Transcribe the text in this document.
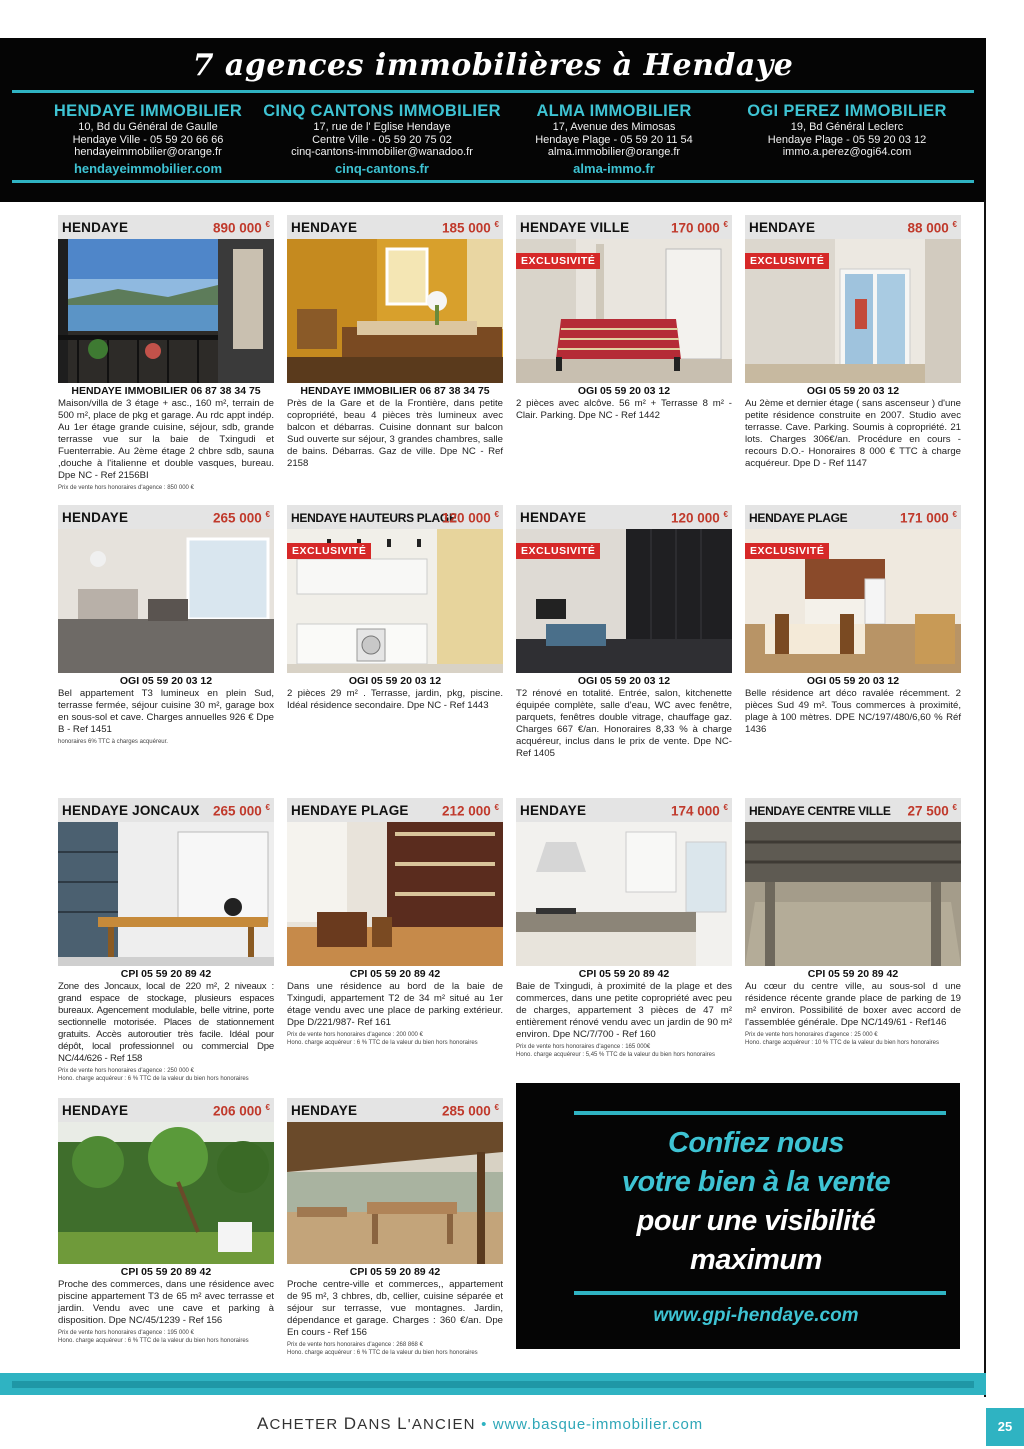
7 agences immobilières à Hendaye
HENDAYE IMMOBILIER
10, Bd du Général de Gaulle
Hendaye Ville - 05 59 20 66 66
hendayeimmobilier@orange.fr
hendayeimmobilier.com
CINQ CANTONS IMMOBILIER
17, rue de l' Eglise Hendaye
Centre Ville - 05 59 20 75 02
cinq-cantons-immobilier@wanadoo.fr
cinq-cantons.fr
ALMA IMMOBILIER
17, Avenue des Mimosas
Hendaye Plage - 05 59 20 11 54
alma.immobilier@orange.fr
alma-immo.fr
OGI PEREZ IMMOBILIER
19, Bd Général Leclerc
Hendaye Plage - 05 59 20 03 12
immo.a.perez@ogi64.com
HENDAYE	890 000 €
HENDAYE IMMOBILIER 06 87 38 34 75
Maison/villa de 3 étage + asc., 160 m², terrain de 500 m², place de pkg et garage. Au rdc appt indép. Au 1er étage grande cuisine, séjour, sdb, grande terrasse vue sur la baie de Txingudi et Fuenterrabie. Au 2ème étage 2 chbre sdb, sauna ,douche à l'italienne et double vasques, bureau. Dpe NC - Ref 2156BI
Prix de vente hors honoraires d'agence : 850 000 €
HENDAYE	185 000 €
HENDAYE IMMOBILIER 06 87 38 34 75
Près de la Gare et de la Frontière, dans petite copropriété, beau 4 pièces très lumineux avec balcon et débarras. Cuisine donnant sur balcon Sud ouverte sur séjour, 3 grandes chambres, salle de bains. Débarras. Gaz de ville. Dpe NC - Ref 2158
HENDAYE VILLE	170 000 €
EXCLUSIVITÉ
OGI 05 59 20 03 12
2 pièces avec alcôve. 56 m² + Terrasse 8 m² - Clair. Parking. Dpe NC - Ref 1442
HENDAYE	88 000 €
EXCLUSIVITÉ
OGI 05 59 20 03 12
Au 2ème et dernier étage ( sans ascenseur ) d'une petite résidence construite en 2007. Studio avec terrasse. Cave. Parking. Soumis à copropriété. 21 lots. Charges 306€/an. Procédure en cours - recours D.O.- Honoraires 8 000 € TTC à charge acquéreur. Dpe D - Ref 1147
HENDAYE	265 000 €
OGI 05 59 20 03 12
Bel appartement T3 lumineux en plein Sud, terrasse fermée, séjour cuisine 30 m², garage box en sous-sol et cave. Charges annuelles 926 € Dpe B - Ref 1451
honoraires 6% TTC à charges acquéreur.
HENDAYE HAUTEURS PLAGE
120 000 €
EXCLUSIVITÉ
OGI 05 59 20 03 12
2 pièces 29 m² . Terrasse, jardin, pkg, piscine. Idéal résidence secondaire. Dpe NC - Ref 1443
HENDAYE	120 000 €
EXCLUSIVITÉ
OGI 05 59 20 03 12
T2 rénové en totalité. Entrée, salon, kitchenette équipée complète, salle d'eau, WC avec fenêtre, parquets, fenêtres double vitrage, chauffage gaz. Charges 667 €/an. Honoraires 8,33 % à charge acquéreur, inclus dans le prix de vente. Dpe NC- Ref 1405
HENDAYE PLAGE	171 000 €
EXCLUSIVITÉ
OGI 05 59 20 03 12
Belle résidence art déco ravalée récemment. 2 pièces Sud 49 m². Tous commerces à proximité, plage à 100 mètres. DPE NC/197/480/6,60 % Réf 1436
HENDAYE JONCAUX 265 000 €
CPI 05 59 20 89 42
Zone des Joncaux, local de 220 m², 2 niveaux : grand espace de stockage, plusieurs espaces bureaux. Agencement modulable, belle vitrine, porte sectionnelle motorisée. Places de stationnement gratuits. Accès autoroutier très facile. Idéal pour dépôt, local professionnel ou commercial Dpe NC/44/626 - Ref 158
Prix de vente hors honoraires d'agence : 250 000 €
Hono. charge acquéreur : 6 % TTC de la valeur du bien hors honoraires
HENDAYE PLAGE 212 000 €
CPI 05 59 20 89 42
Dans une résidence au bord de la baie de Txingudi, appartement T2 de 34 m² situé au 1er étage vendu avec une place de parking extérieur. Dpe D/221/987- Ref 161
Prix de vente hors honoraires d'agence : 200 000 €
Hono. charge acquéreur : 6 % TTC de la valeur du bien hors honoraires
HENDAYE	174 000 €
CPI 05 59 20 89 42
Baie de Txingudi, à proximité de la plage et des commerces, dans une petite copropriété avec peu de charges, appartement 3 pièces de 47 m² entièrement rénové vendu avec un jardin de 90 m² environ. Dpe NC/7/700 - Ref 160
Prix de vente hors honoraires d'agence : 165 000€
Hono. charge acquéreur : 5,45 % TTC de la valeur du bien hors honoraires
HENDAYE CENTRE VILLE 27 500 €
CPI 05 59 20 89 42
Au cœur du centre ville, au sous-sol d une résidence récente grande place de parking de 19 m² environ. Possibilité de boxer avec accord de l'assemblée générale. Dpe NC/149/61 - Ref146
Prix de vente hors honoraires d'agence : 25 000 €
Hono. charge acquéreur : 10 % TTC de la valeur du bien hors honoraires
HENDAYE	206 000 €
CPI 05 59 20 89 42
Proche des commerces, dans une résidence avec piscine appartement T3 de 65 m² avec terrasse et jardin. Vendu avec une cave et parking à disposition. Dpe NC/45/1239 - Ref 156
Prix de vente hors honoraires d'agence : 195 000 €
Hono. charge acquéreur : 6 % TTC de la valeur du bien hors honoraires
HENDAYE	285 000 €
CPI 05 59 20 89 42
Proche centre-ville et commerces,, appartement de 95 m², 3 chbres, db, cellier, cuisine séparée et séjour sur terrasse, vue montagnes. Jardin, dépendance et garage. Charges : 360 €/an. Dpe En cours - Ref 156
Prix de vente hors honoraires d'agence : 268 868 €
Hono. charge acquéreur : 6 % TTC de la valeur du bien hors honoraires
Confiez nous
votre bien à la vente
pour une visibilité
maximum
www.gpi-hendaye.com
ACHETER DANS L'ANCIEN • www.basque-immobilier.com	25
